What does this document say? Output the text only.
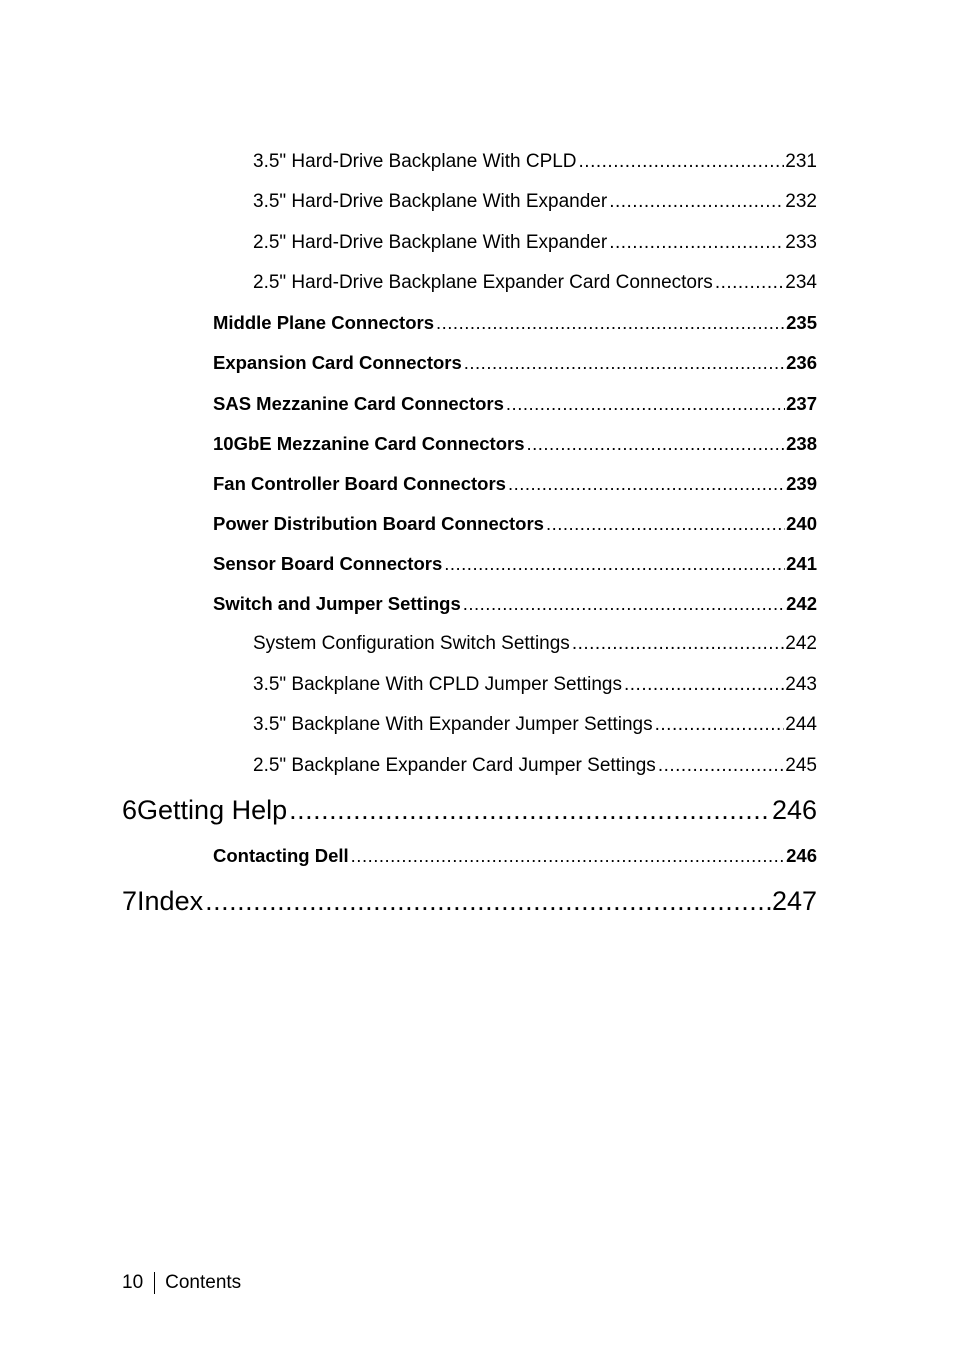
3.5" Hard-Drive Backplane With CPLD .....	231
3.5" Hard-Drive Backplane With Expander .....	232
2.5" Hard-Drive Backplane With Expander .....	233
2.5" Hard-Drive Backplane Expander Card Connectors .....	234
Middle Plane Connectors .....	235
Expansion Card Connectors .....	236
SAS Mezzanine Card Connectors .....	237
10GbE Mezzanine Card Connectors .....	238
Fan Controller Board Connectors .....	239
Power Distribution Board Connectors .....	240
Sensor Board Connectors .....	241
Switch and Jumper Settings .....	242
System Configuration Switch Settings .....	242
3.5" Backplane With CPLD Jumper Settings .....	243
3.5" Backplane With Expander Jumper Settings .....	244
2.5" Backplane Expander Card Jumper Settings .....	245
6 Getting Help .....	246
Contacting Dell .....	246
7 Index .....	247
10 Contents
